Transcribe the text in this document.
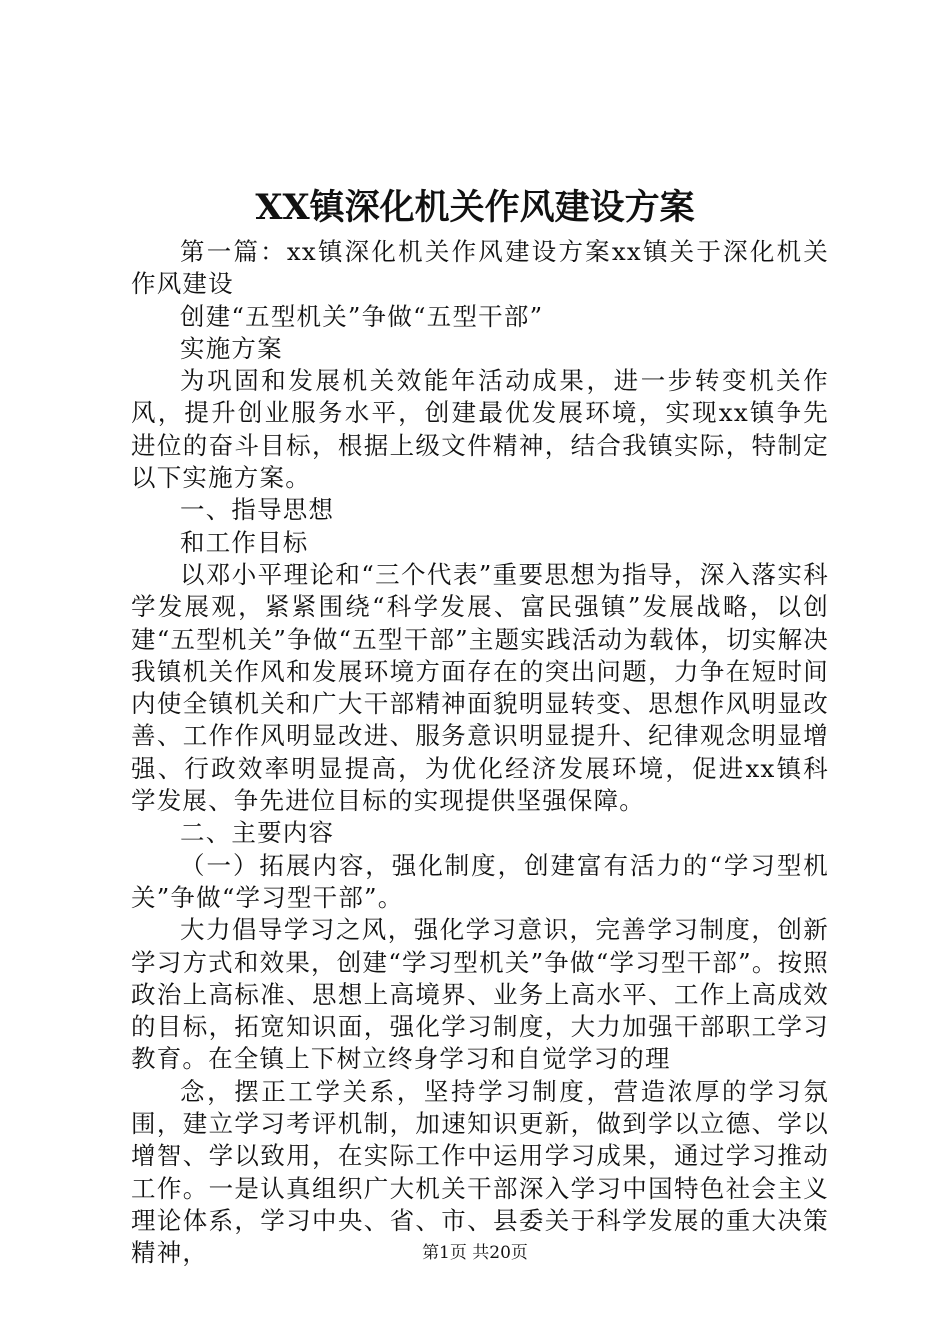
XX镇深化机关作风建设方案

第一篇：xx镇深化机关作风建设方案xx镇关于深化机关作风建设

创建“五型机关”争做“五型干部”

实施方案

为巩固和发展机关效能年活动成果，进一步转变机关作风，提升创业服务水平，创建最优发展环境，实现xx镇争先进位的奋斗目标，根据上级文件精神，结合我镇实际，特制定以下实施方案。

一、指导思想

和工作目标

以邓小平理论和“三个代表”重要思想为指导，深入落实科学发展观，紧紧围绕“科学发展、富民强镇”发展战略，以创建“五型机关”争做“五型干部”主题实践活动为载体，切实解决我镇机关作风和发展环境方面存在的突出问题，力争在短时间内使全镇机关和广大干部精神面貌明显转变、思想作风明显改善、工作作风明显改进、服务意识明显提升、纪律观念明显增强、行政效率明显提高，为优化经济发展环境，促进xx镇科学发展、争先进位目标的实现提供坚强保障。

二、主要内容

（一）拓展内容，强化制度，创建富有活力的“学习型机关”争做“学习型干部”。

大力倡导学习之风，强化学习意识，完善学习制度，创新学习方式和效果，创建“学习型机关”争做“学习型干部”。按照政治上高标准、思想上高境界、业务上高水平、工作上高成效的目标，拓宽知识面，强化学习制度，大力加强干部职工学习教育。在全镇上下树立终身学习和自觉学习的理

念，摆正工学关系，坚持学习制度，营造浓厚的学习氛围，建立学习考评机制，加速知识更新，做到学以立德、学以增智、学以致用，在实际工作中运用学习成果，通过学习推动工作。一是认真组织广大机关干部深入学习中国特色社会主义理论体系，学习中央、省、市、县委关于科学发展的重大决策精神，	第1页 共20页
